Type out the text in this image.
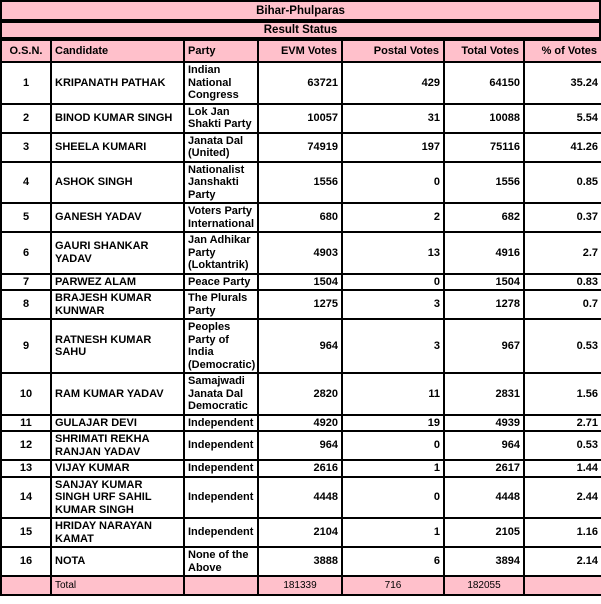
Bihar-Phulparas
Result Status
O.S.N.	Candidate	Party	EVM Votes	Postal Votes	Total Votes	% of Votes
1	KRIPANATH PATHAK	Indian National Congress	63721	429	64150	35.24
2	BINOD KUMAR SINGH	Lok Jan Shakti Party	10057	31	10088	5.54
3	SHEELA KUMARI	Janata Dal (United)	74919	197	75116	41.26
4	ASHOK SINGH	Nationalist Janshakti Party	1556	0	1556	0.85
5	GANESH YADAV	Voters Party International	680	2	682	0.37
6	GAURI SHANKAR YADAV	Jan Adhikar Party (Loktantrik)	4903	13	4916	2.7
7	PARWEZ ALAM	Peace Party	1504	0	1504	0.83
8	BRAJESH KUMAR KUNWAR	The Plurals Party	1275	3	1278	0.7
9	RATNESH KUMAR SAHU	Peoples Party of India (Democratic)	964	3	967	0.53
10	RAM KUMAR YADAV	Samajwadi Janata Dal Democratic	2820	11	2831	1.56
11	GULAJAR DEVI	Independent	4920	19	4939	2.71
12	SHRIMATI REKHA RANJAN YADAV	Independent	964	0	964	0.53
13	VIJAY KUMAR	Independent	2616	1	2617	1.44
14	SANJAY KUMAR SINGH URF SAHIL KUMAR SINGH	Independent	4448	0	4448	2.44
15	HRIDAY NARAYAN KAMAT	Independent	2104	1	2105	1.16
16	NOTA	None of the Above	3888	6	3894	2.14
	Total		181339	716	182055	
